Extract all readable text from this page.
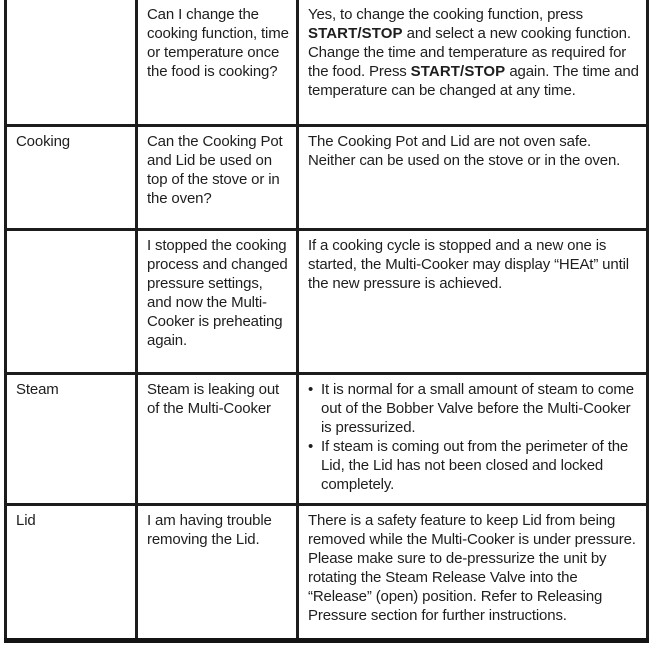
	Can I change the cooking function, time or temperature once the food is cooking?	Yes, to change the cooking function, press START/STOP and select a new cooking function. Change the time and temperature as required for the food. Press START/STOP again. The time and temperature can be changed at any time.

Cooking	Can the Cooking Pot and Lid be used on top of the stove or in the oven?	The Cooking Pot and Lid are not oven safe. Neither can be used on the stove or in the oven.

	I stopped the cooking process and changed pressure settings, and now the Multi-Cooker is preheating again.	If a cooking cycle is stopped and a new one is started, the Multi-Cooker may display “HEAt” until the new pressure is achieved.

Steam	Steam is leaking out of the Multi-Cooker	• It is normal for a small amount of steam to come out of the Bobber Valve before the Multi-Cooker is pressurized.
• If steam is coming out from the perimeter of the Lid, the Lid has not been closed and locked completely.

Lid	I am having trouble removing the Lid.	There is a safety feature to keep Lid from being removed while the Multi-Cooker is under pressure. Please make sure to de-pressurize the unit by rotating the Steam Release Valve into the “Release” (open) position. Refer to Releasing Pressure section for further instructions.
